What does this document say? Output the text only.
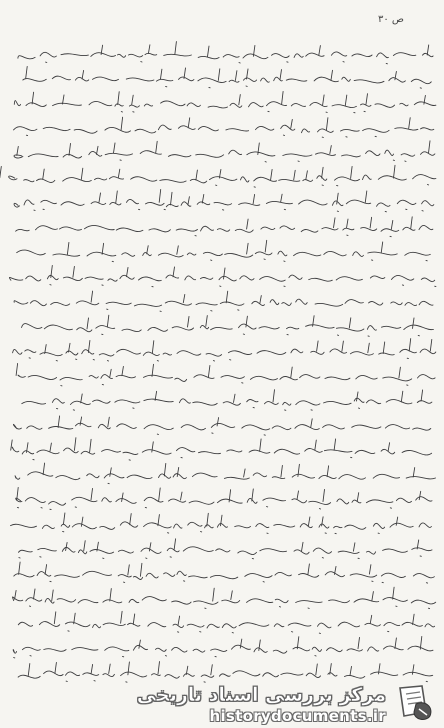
ص ۳۰
مرکز بررسی اسناد تاریخی
historydocuments.ir
